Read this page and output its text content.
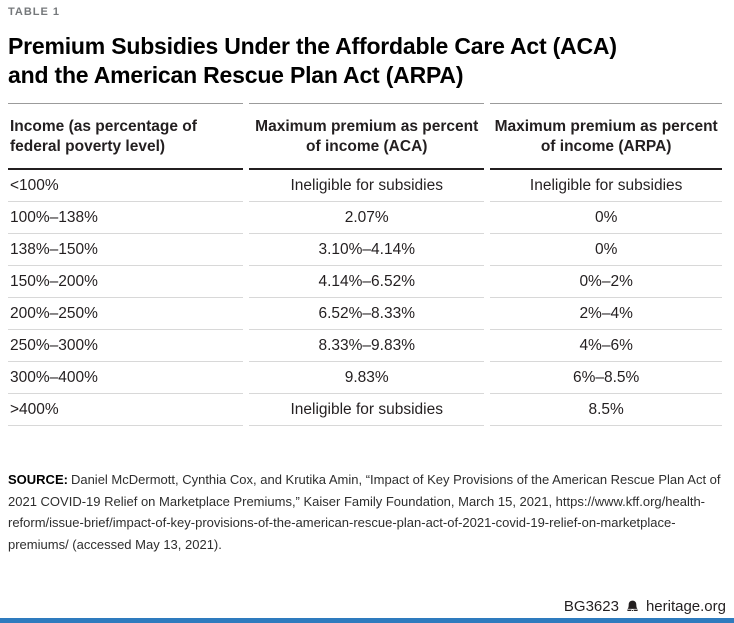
TABLE 1
Premium Subsidies Under the Affordable Care Act (ACA)
and the American Rescue Plan Act (ARPA)
Income (as percentage of federal poverty level)	Maximum premium as percent of income (ACA)	Maximum premium as percent of income (ARPA)
<100%	Ineligible for subsidies	Ineligible for subsidies
100%–138%	2.07%	0%
138%–150%	3.10%–4.14%	0%
150%–200%	4.14%–6.52%	0%–2%
200%–250%	6.52%–8.33%	2%–4%
250%–300%	8.33%–9.83%	4%–6%
300%–400%	9.83%	6%–8.5%
>400%	Ineligible for subsidies	8.5%

SOURCE: Daniel McDermott, Cynthia Cox, and Krutika Amin, “Impact of Key Provisions of the American Rescue Plan Act of 2021 COVID-19 Relief on Marketplace Premiums,” Kaiser Family Foundation, March 15, 2021, https://www.kff.org/health-reform/issue-brief/impact-of-key-provisions-of-the-american-rescue-plan-act-of-2021-covid-19-relief-on-marketplace-premiums/ (accessed May 13, 2021).

BG3623 heritage.org
